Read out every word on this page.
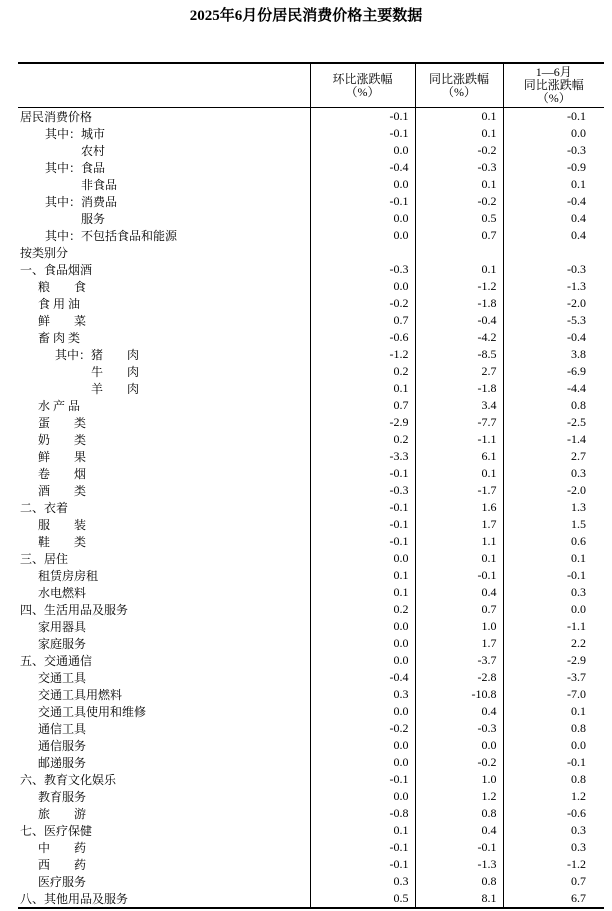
2025年6月份居民消费价格主要数据

环比涨跌幅
（%）

同比涨跌幅
（%）

1—6月
同比涨跌幅
（%）

居民消费价格	-0.1	0.1	-0.1
其中：城市	-0.1	0.1	0.0
农村	0.0	-0.2	-0.3
其中：食品	-0.4	-0.3	-0.9
非食品	0.0	0.1	0.1
其中：消费品	-0.1	-0.2	-0.4
服务	0.0	0.5	0.4
其中：不包括食品和能源	0.0	0.7	0.4
按类别分			
一、食品烟酒	-0.3	0.1	-0.3
粮　　食	0.0	-1.2	-1.3
食 用 油	-0.2	-1.8	-2.0
鲜　　菜	0.7	-0.4	-5.3
畜 肉 类	-0.6	-4.2	-0.4
其中：猪　　肉	-1.2	-8.5	3.8
牛　　肉	0.2	2.7	-6.9
羊　　肉	0.1	-1.8	-4.4
水 产 品	0.7	3.4	0.8
蛋　　类	-2.9	-7.7	-2.5
奶　　类	0.2	-1.1	-1.4
鲜　　果	-3.3	6.1	2.7
卷　　烟	-0.1	0.1	0.3
酒　　类	-0.3	-1.7	-2.0
二、衣着	-0.1	1.6	1.3
服　　装	-0.1	1.7	1.5
鞋　　类	-0.1	1.1	0.6
三、居住	0.0	0.1	0.1
租赁房房租	0.1	-0.1	-0.1
水电燃料	0.1	0.4	0.3
四、生活用品及服务	0.2	0.7	0.0
家用器具	0.0	1.0	-1.1
家庭服务	0.0	1.7	2.2
五、交通通信	0.0	-3.7	-2.9
交通工具	-0.4	-2.8	-3.7
交通工具用燃料	0.3	-10.8	-7.0
交通工具使用和维修	0.0	0.4	0.1
通信工具	-0.2	-0.3	0.8
通信服务	0.0	0.0	0.0
邮递服务	0.0	-0.2	-0.1
六、教育文化娱乐	-0.1	1.0	0.8
教育服务	0.0	1.2	1.2
旅　　游	-0.8	0.8	-0.6
七、医疗保健	0.1	0.4	0.3
中　　药	-0.1	-0.1	0.3
西　　药	-0.1	-1.3	-1.2
医疗服务	0.3	0.8	0.7
八、其他用品及服务	0.5	8.1	6.7
